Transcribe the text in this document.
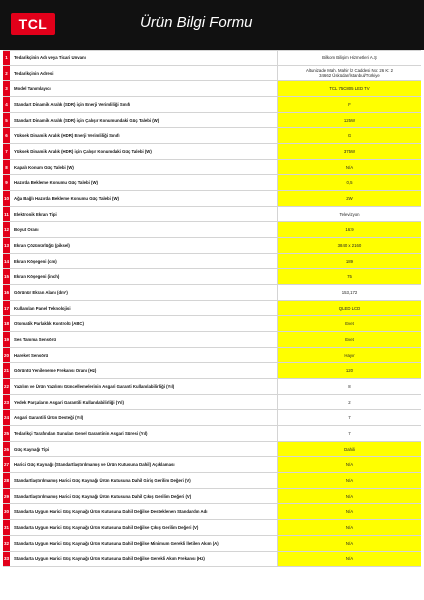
TCL	Ürün Bilgi Formu
1	Tedarikçinin Adı veya Ticari Unvanı	Bilkom Bilişim Hizmetleri A.Ş
2	Tedarikçinin Adresi	Altunizade Mah. Mahir İz Caddesi No: 26 K: 2
34662 Üsküdar/İstanbul/Türkiye
3	Model Tanımlayıcı	TCL 75C805 LED TV
4	Standart Dinamik Aralık (SDR) için Enerji Verimliliği Sınıfı	F
5	Standart Dinamik Aralık (SDR) için Çalışır Konumundaki Güç Talebi (W)	125W
6	Yüksek Dinamik Aralık (HDR) Enerji Verimliliği Sınıfı	G
7	Yüksek Dinamik Aralık (HDR) için Çalışır Konumdaki Güç Talebi (W)	375W
8	Kapalı Konum Güç Talebi (W)	N/A
9	Hazırda Bekleme Konumu Güç Talebi (W)	0,5
10	Ağa Bağlı Hazırda Bekleme Konumu Güç Talebi (W)	2W
11	Elektronik Ekran Tipi	Televizyon
12	Boyut Oranı	16:9
13	Ekran Çözünürlüğü (piksel)	3840 x 2160
14	Ekran Köşegeni (cm)	189
15	Ekran Köşegeni (inch)	75
16	Görünür Ekran Alanı (dm²)	153,172
17	Kullanılan Panel Teknolojisi	QLED LCD
18	Otomatik Parlaklık Kontrolü (ABC)	Evet
19	Ses Tanıma Sensörü	Evet
20	Hareket Sensörü	Hayır
21	Görüntü Yenileneme Frekansı Oranı (Hz)	120
22	Yazılım ve Ürün Yazılımı Güncellemelerinin Asgari Garanti Kullanılabilirliği (Yıl)	8
23	Yedek Parçaların Asgari Garantili Kullanılabilirliği (Yıl)	2
24	Asgari Garantili Ürün Desteği (Yıl)	7
25	Tedarikçi Tarafından Sunulan Genel Garantinin Asgari Süresi (Yıl)	7
26	Güç Kaynağı Tipi	Dahili
27	Harici Güç Kaynağı (Standartlaştırılmamış ve Ürün Kutusuna Dahil) Açıklaması	N/A
28	Standartlaştırılmamış Harici Güç Kaynağı Ürün Kutusuna Dahil Giriş Gerilim Değeri (V)	N/A
29	Standartlaştırılmamış Harici Güç Kaynağı Ürün Kutusuna Dahil Çıkış Gerilim Değeri (V)	N/A
30	Standarta Uygun Harici Güç Kaynağı Ürün Kutusuna Dahil Değilse Desteklenen Standardın Adı	N/A
31	Standarta Uygun Harici Güç Kaynağı Ürün Kutusuna Dahil Değilse Çıkış Gerilim Değeri (V)	N/A
32	Standarta Uygun Harici Güç Kaynağı Ürün Kutusuna Dahil Değilse Minimum Gerekli İletilen Akım (A)	N/A
33	Standarta Uygun Harici Güç Kaynağı Ürün Kutusuna Dahil Değilse Gerekli Akım Frekansı (Hz)	N/A
